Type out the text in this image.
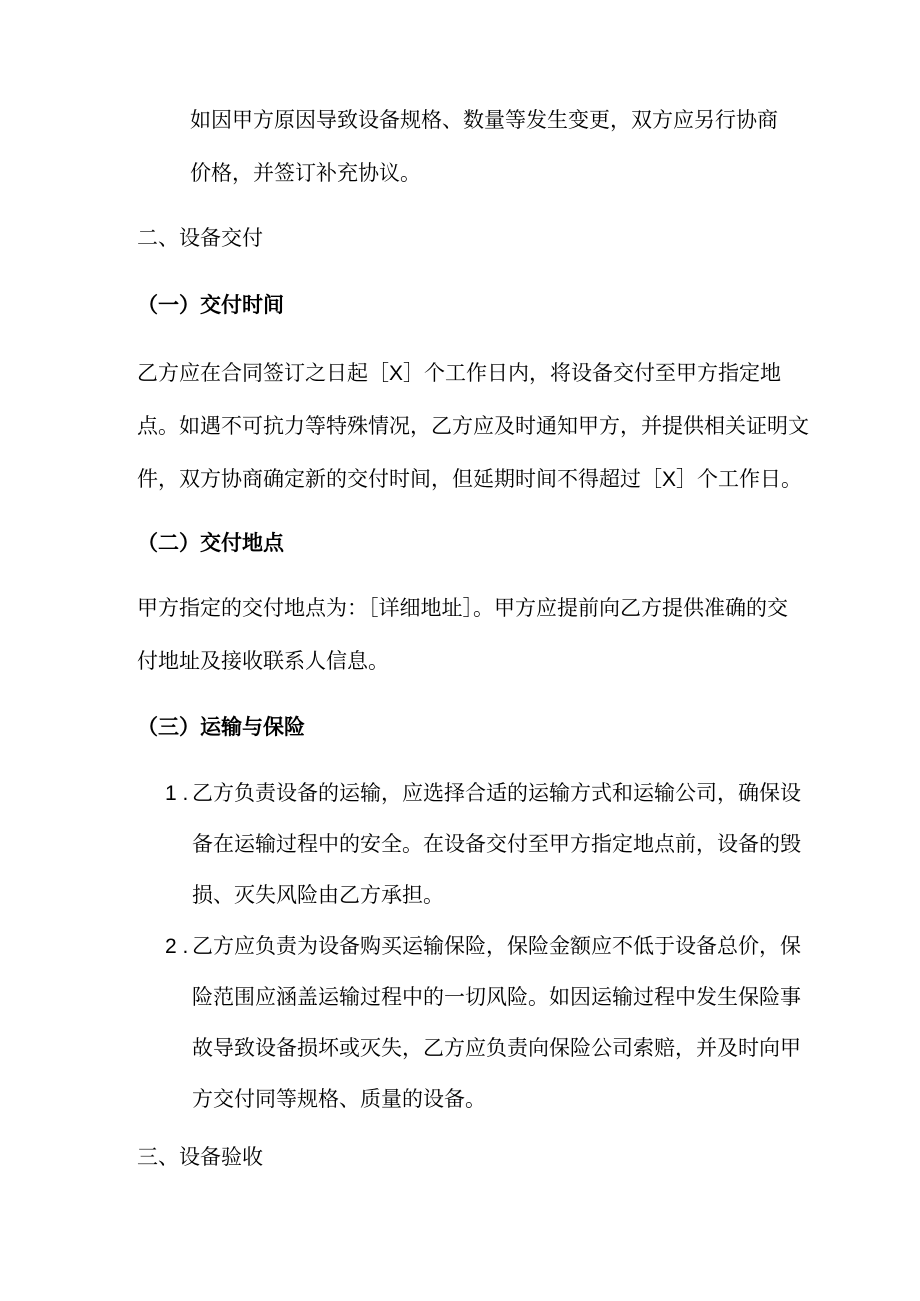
如因甲方原因导致设备规格、数量等发生变更，双方应另行协商
价格，并签订补充协议。
二、设备交付
（一）交付时间
乙方应在合同签订之日起［X］个工作日内，将设备交付至甲方指定地
点。如遇不可抗力等特殊情况，乙方应及时通知甲方，并提供相关证明文
件，双方协商确定新的交付时间，但延期时间不得超过［X］个工作日。
（二）交付地点
甲方指定的交付地点为：［详细地址］。甲方应提前向乙方提供准确的交
付地址及接收联系人信息。
（三）运输与保险
1 . 乙方负责设备的运输，应选择合适的运输方式和运输公司，确保设
备在运输过程中的安全。在设备交付至甲方指定地点前，设备的毁
损、灭失风险由乙方承担。
2 . 乙方应负责为设备购买运输保险，保险金额应不低于设备总价，保
险范围应涵盖运输过程中的一切风险。如因运输过程中发生保险事
故导致设备损坏或灭失，乙方应负责向保险公司索赔，并及时向甲
方交付同等规格、质量的设备。
三、设备验收
